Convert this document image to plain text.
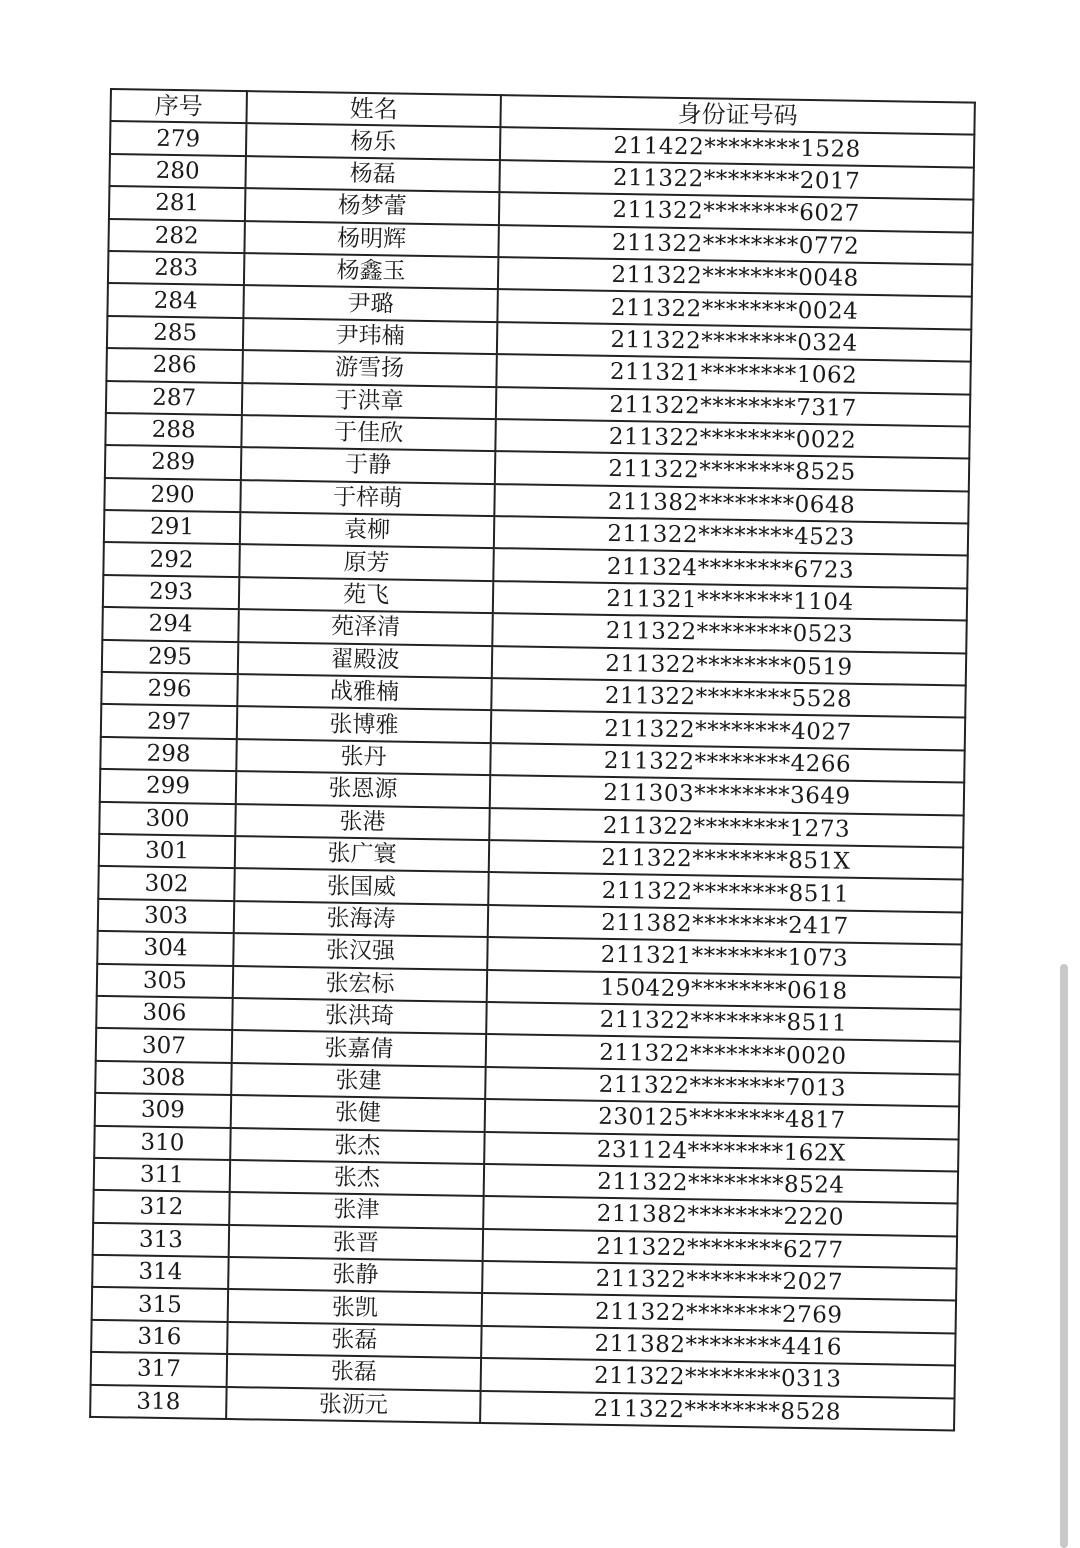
序号	姓名	身份证号码
279	杨乐	211422********1528
280	杨磊	211322********2017
281	杨梦蕾	211322********6027
282	杨明辉	211322********0772
283	杨鑫玉	211322********0048
284	尹璐	211322********0024
285	尹玮楠	211322********0324
286	游雪扬	211321********1062
287	于洪章	211322********7317
288	于佳欣	211322********0022
289	于静	211322********8525
290	于梓萌	211382********0648
291	袁柳	211322********4523
292	原芳	211324********6723
293	苑飞	211321********1104
294	苑泽清	211322********0523
295	翟殿波	211322********0519
296	战雅楠	211322********5528
297	张博雅	211322********4027
298	张丹	211322********4266
299	张恩源	211303********3649
300	张港	211322********1273
301	张广寰	211322********851X
302	张国威	211322********8511
303	张海涛	211382********2417
304	张汉强	211321********1073
305	张宏标	150429********0618
306	张洪琦	211322********8511
307	张嘉倩	211322********0020
308	张建	211322********7013
309	张健	230125********4817
310	张杰	231124********162X
311	张杰	211322********8524
312	张津	211382********2220
313	张晋	211322********6277
314	张静	211322********2027
315	张凯	211322********2769
316	张磊	211382********4416
317	张磊	211322********0313
318	张沥元	211322********8528
